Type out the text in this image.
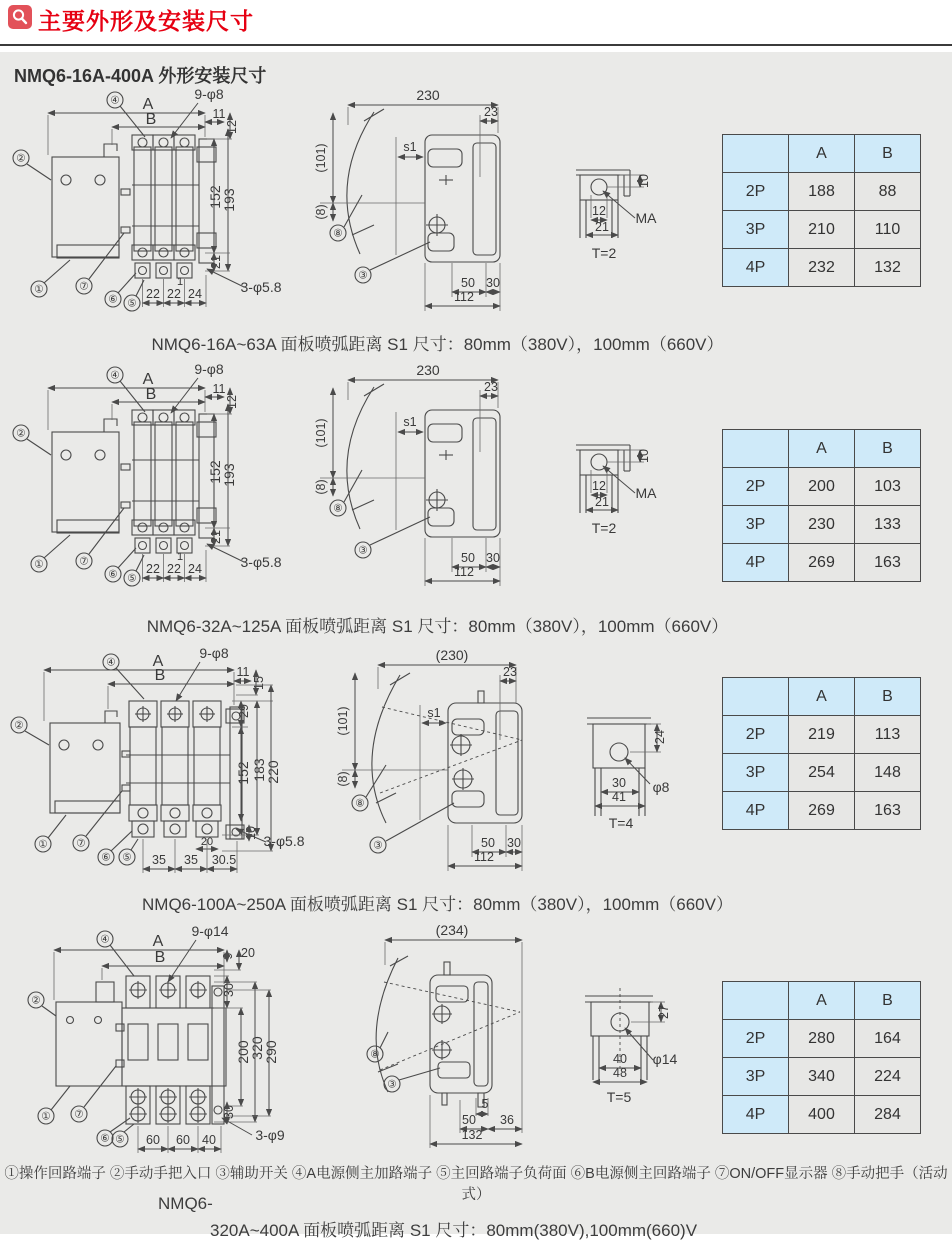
主要外形及安装尺寸
NMQ6-16A-400A 外形安装尺寸
A
B
9-φ8
11
12
152
193
21
22 22 24
1	3-φ5.8
④
②
①	⑦
⑥ ⑤
230
23
(101)
(8)
s1
50 30
112
⑧
③
10
12
21
MA
T=2
	A	B
2P	188	88
3P	210	110
4P	232	132
NMQ6-16A~63A 面板喷弧距离 S1 尺寸：80mm（380V），100mm（660V）
A
B
9-φ8
11
12
152
193
21
22 22 24
1	3-φ5.8
④
②
①	⑦
⑥ ⑤
230
23
(101)
(8)
s1
50 30
112
⑧
③
10
12
21
MA
T=2
	A	B
2P	200	103
3P	230	133
4P	269	163
NMQ6-32A~125A 面板喷弧距离 S1 尺寸：80mm（380V），100mm（660V）
A
B
9-φ8
11
15
29
152 183
220
20
10 3-φ5.8
35 35 30.5
④
②
①	⑦
⑥ ⑤
(230)
23
(101)
(8)
s1
50 30
112
⑧
③
24
30
41
φ8
T=4
	A	B
2P	219	113
3P	254	148
4P	269	163
NMQ6-100A~250A 面板喷弧距离 S1 尺寸：80mm（380V），100mm（660V）
A
B
9-φ14
9 20
30
200
320
290
30
3-φ9
60 60 40
④
②
① ⑦
⑥ ⑤
(234)
5
50 36
132
⑧
③
27
40
48
φ14
T=5
	A	B
2P	280	164
3P	340	224
4P	400	284
①操作回路端子 ②手动手把入口 ③辅助开关 ④A电源侧主加路端子 ⑤主回路端子负荷面 ⑥B电源侧主回路端子 ⑦ON/OFF显示器 ⑧手动把手（活动式）
NMQ6-
320A~400A 面板喷弧距离 S1 尺寸：80mm(380V),100mm(660)V
